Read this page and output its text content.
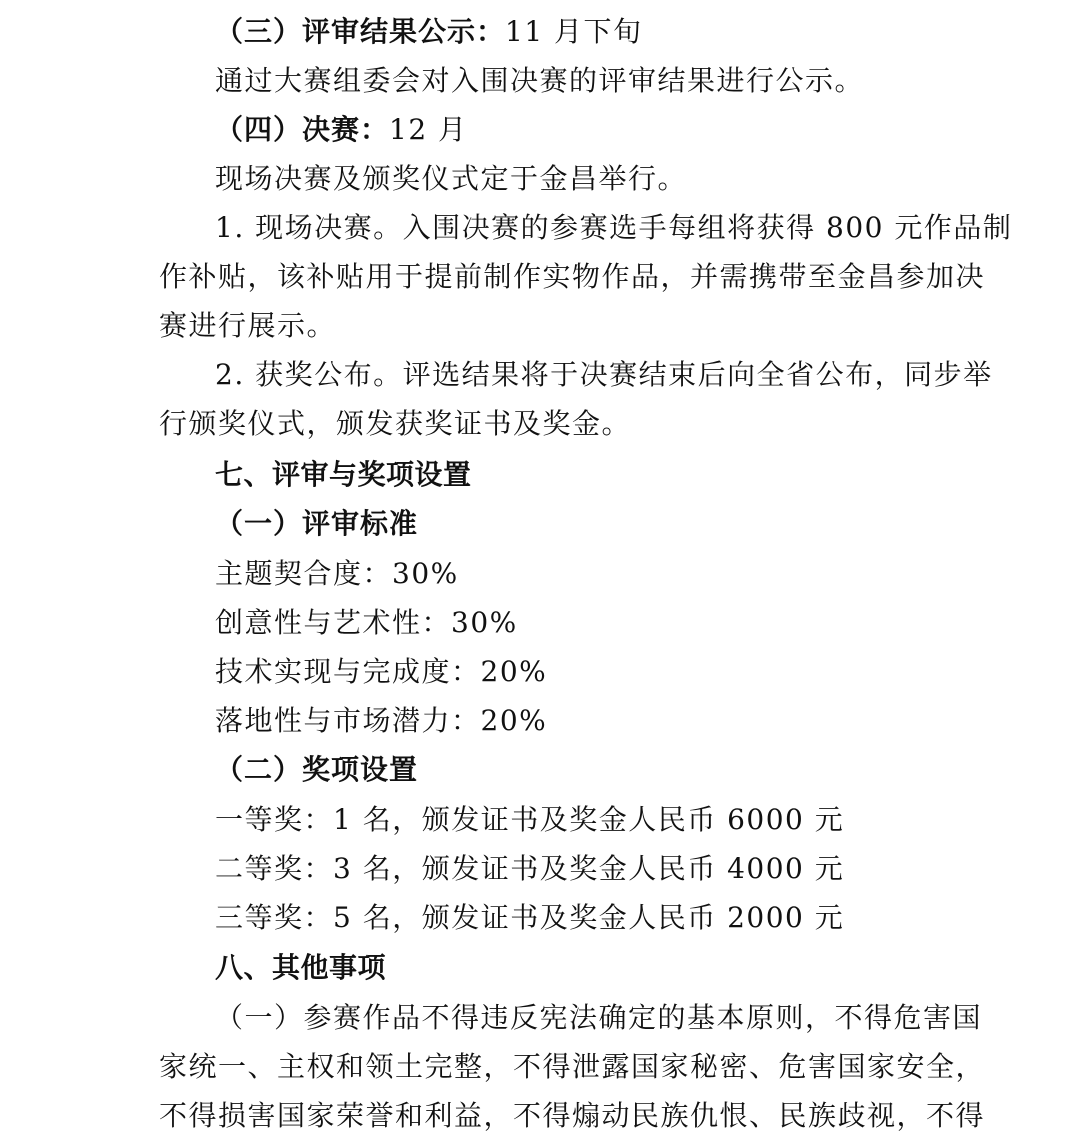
（三）评审结果公示：11 月下旬
通过大赛组委会对入围决赛的评审结果进行公示。
（四）决赛：12 月
现场决赛及颁奖仪式定于金昌举行。
1. 现场决赛。入围决赛的参赛选手每组将获得 800 元作品制
作补贴，该补贴用于提前制作实物作品，并需携带至金昌参加决
赛进行展示。
2. 获奖公布。评选结果将于决赛结束后向全省公布，同步举
行颁奖仪式，颁发获奖证书及奖金。
七、评审与奖项设置
（一）评审标准
主题契合度：30%
创意性与艺术性：30%
技术实现与完成度：20%
落地性与市场潜力：20%
（二）奖项设置
一等奖：1 名，颁发证书及奖金人民币 6000 元
二等奖：3 名，颁发证书及奖金人民币 4000 元
三等奖：5 名，颁发证书及奖金人民币 2000 元
八、其他事项
（一）参赛作品不得违反宪法确定的基本原则，不得危害国
家统一、主权和领土完整，不得泄露国家秘密、危害国家安全，
不得损害国家荣誉和利益，不得煽动民族仇恨、民族歧视，不得
